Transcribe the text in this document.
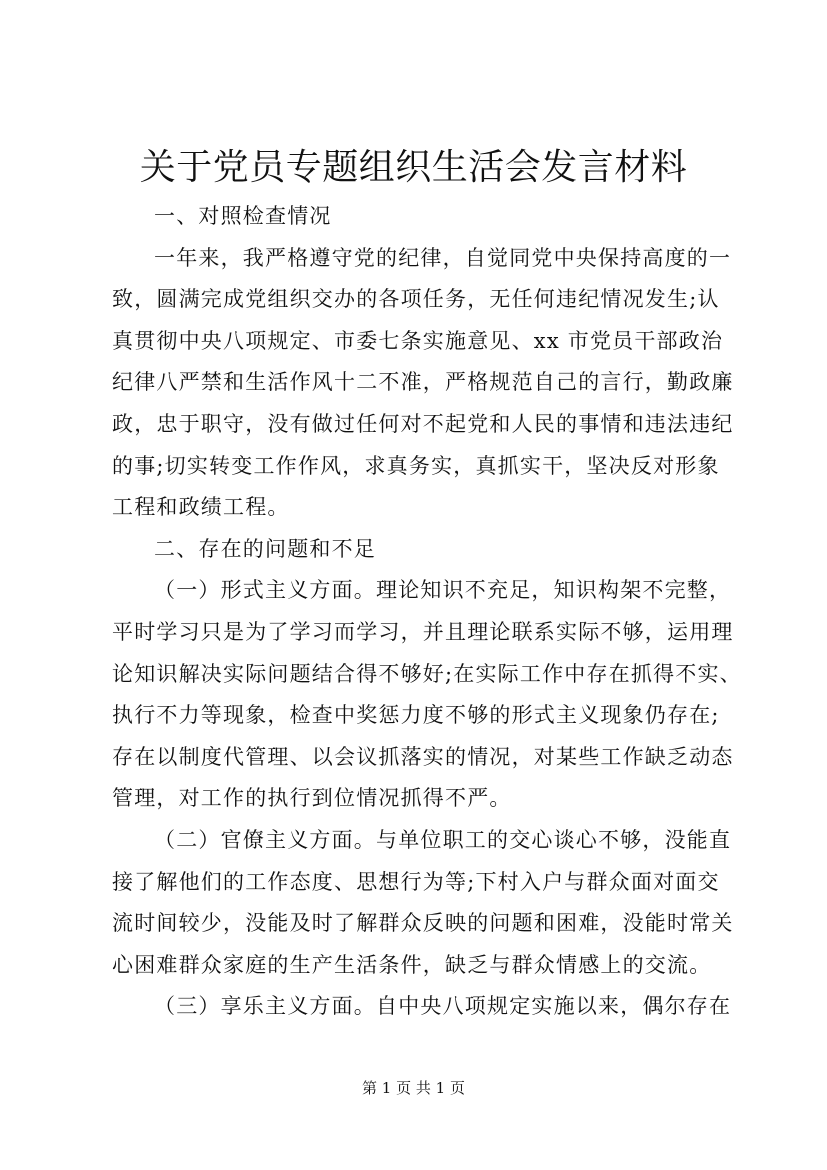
关于党员专题组织生活会发言材料
一、对照检查情况
一年来，我严格遵守党的纪律，自觉同党中央保持高度的一
致，圆满完成党组织交办的各项任务，无任何违纪情况发生;认
真贯彻中央八项规定、市委七条实施意见、xx 市党员干部政治
纪律八严禁和生活作风十二不准，严格规范自己的言行，勤政廉
政，忠于职守，没有做过任何对不起党和人民的事情和违法违纪
的事;切实转变工作作风，求真务实，真抓实干，坚决反对形象
工程和政绩工程。
二、存在的问题和不足
（一）形式主义方面。理论知识不充足，知识构架不完整，
平时学习只是为了学习而学习，并且理论联系实际不够，运用理
论知识解决实际问题结合得不够好;在实际工作中存在抓得不实、
执行不力等现象，检查中奖惩力度不够的形式主义现象仍存在;
存在以制度代管理、以会议抓落实的情况，对某些工作缺乏动态
管理，对工作的执行到位情况抓得不严。
（二）官僚主义方面。与单位职工的交心谈心不够，没能直
接了解他们的工作态度、思想行为等;下村入户与群众面对面交
流时间较少，没能及时了解群众反映的问题和困难，没能时常关
心困难群众家庭的生产生活条件，缺乏与群众情感上的交流。
（三）享乐主义方面。自中央八项规定实施以来，偶尔存在
第 1 页 共 1 页
